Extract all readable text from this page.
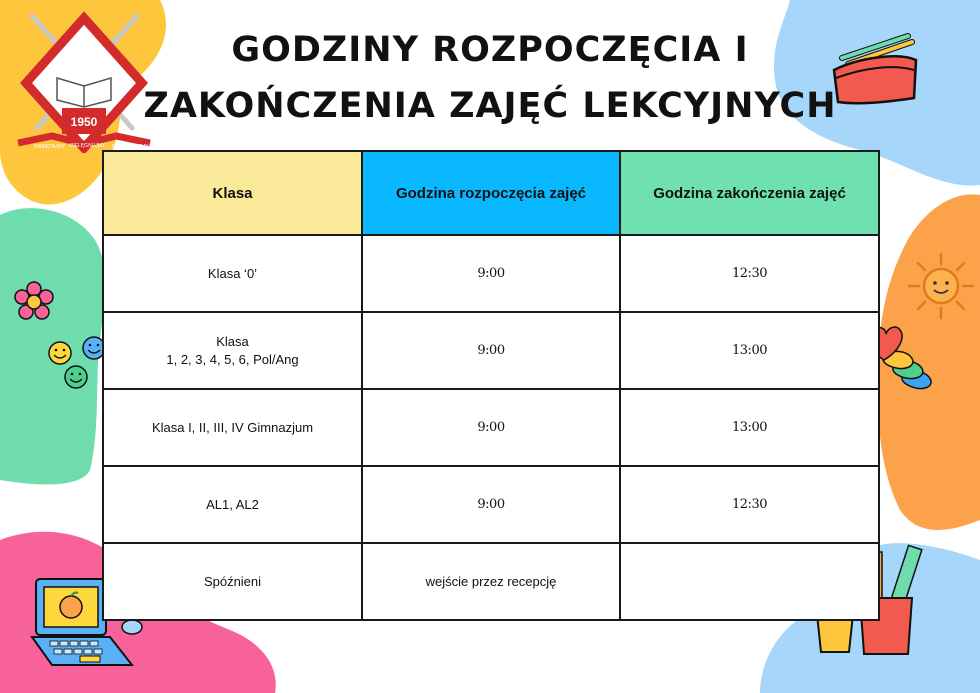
1950
PAMIĘTAJMY PIELĘGNUJMY PRZEKAZUJMY
GODZINY ROZPOCZĘCIA I
ZAKOŃCZENIA ZAJĘĆ LEKCYJNYCH
Klasa	Godzina rozpoczęcia zajęć	Godzina zakończenia zajęć
Klasa ‘0’	9:00	12:30

Klasa
1, 2, 3, 4, 5, 6, Pol/Ang	9:00	13:00
Klasa I, II, III, IV Gimnazjum	9:00	13:00
AL1, AL2	9:00	12:30
Spóźnieni	wejście przez recepcję	
